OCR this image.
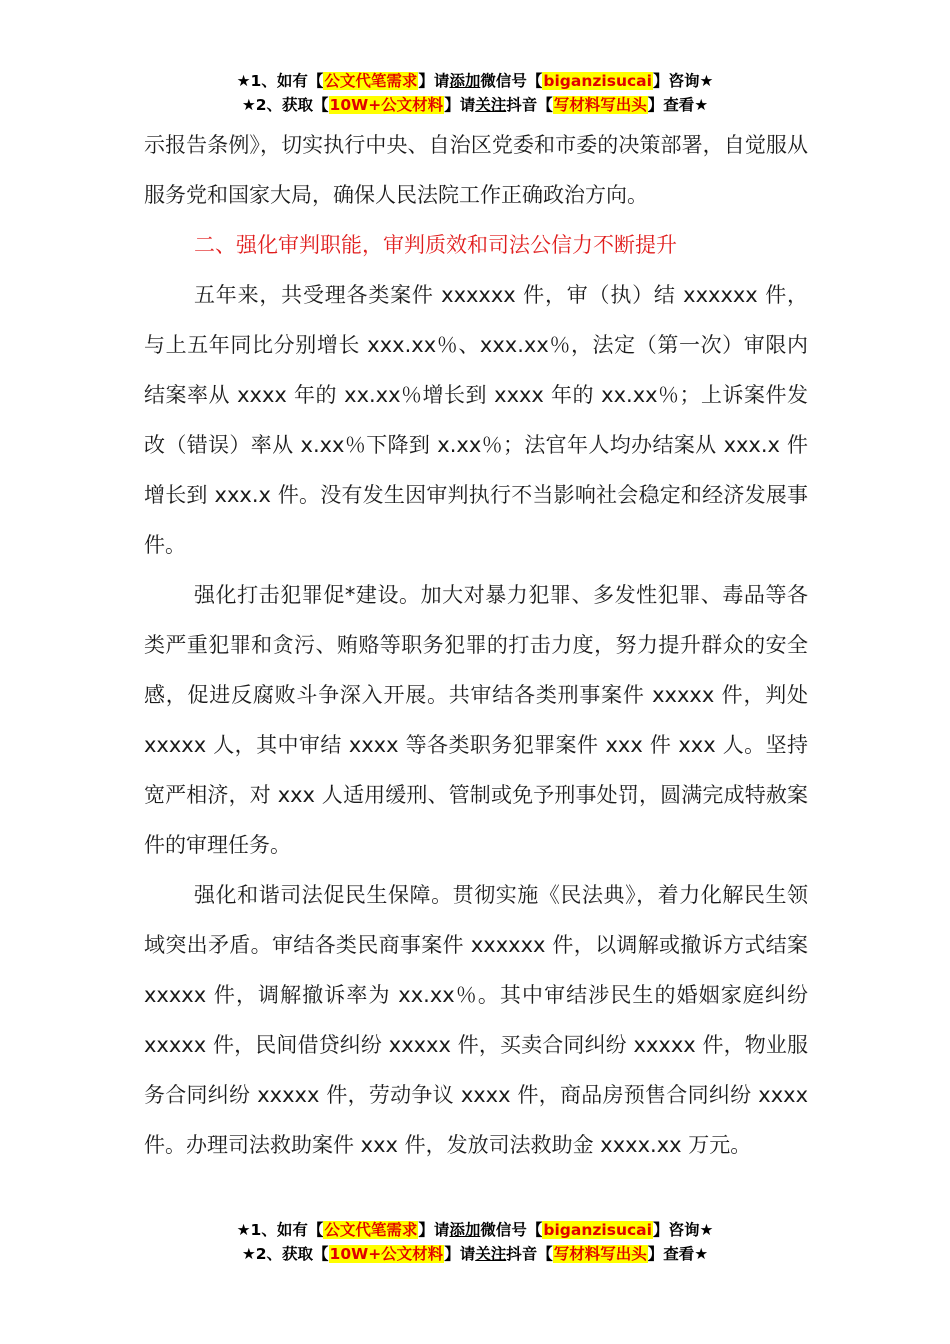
★1、如有【公文代笔需求】请添加微信号【biganzisucai】咨询★
★2、获取【10W+公文材料】请关注抖音【写材料写出头】查看★

示报告条例》，切实执行中央、自治区党委和市委的决策部署，自觉服从服务党和国家大局，确保人民法院工作正确政治方向。

二、强化审判职能，审判质效和司法公信力不断提升

五年来，共受理各类案件 xxxxxx 件，审（执）结 xxxxxx 件，与上五年同比分别增长 xxx.xx％、xxx.xx％，法定（第一次）审限内结案率从 xxxx 年的 xx.xx％增长到 xxxx 年的 xx.xx％；上诉案件发改（错误）率从 x.xx％下降到 x.xx％；法官年人均办结案从 xxx.x 件增长到 xxx.x 件。没有发生因审判执行不当影响社会稳定和经济发展事件。

强化打击犯罪促*建设。加大对暴力犯罪、多发性犯罪、毒品等各类严重犯罪和贪污、贿赂等职务犯罪的打击力度，努力提升群众的安全感，促进反腐败斗争深入开展。共审结各类刑事案件 xxxxx 件，判处 xxxxx 人，其中审结 xxxx 等各类职务犯罪案件 xxx 件 xxx 人。坚持宽严相济，对 xxx 人适用缓刑、管制或免予刑事处罚，圆满完成特赦案件的审理任务。

强化和谐司法促民生保障。贯彻实施《民法典》，着力化解民生领域突出矛盾。审结各类民商事案件 xxxxxx 件，以调解或撤诉方式结案 xxxxx 件，调解撤诉率为 xx.xx％。其中审结涉民生的婚姻家庭纠纷 xxxxx 件，民间借贷纠纷 xxxxx 件，买卖合同纠纷 xxxxx 件，物业服务合同纠纷 xxxxx 件，劳动争议 xxxx 件，商品房预售合同纠纷 xxxx 件。办理司法救助案件 xxx 件，发放司法救助金 xxxx.xx 万元。

★1、如有【公文代笔需求】请添加微信号【biganzisucai】咨询★
★2、获取【10W+公文材料】请关注抖音【写材料写出头】查看★
